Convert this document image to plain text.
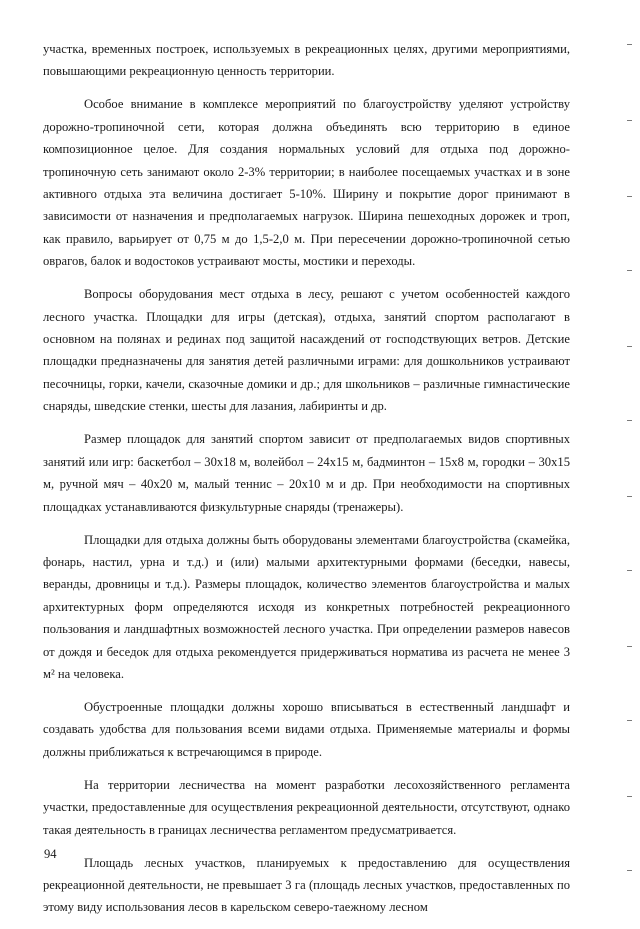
участка, временных построек, используемых в рекреационных целях, другими мероприятиями, повышающими рекреационную ценность территории.

Особое внимание в комплексе мероприятий по благоустройству уделяют устройству дорожно-тропиночной сети, которая должна объединять всю территорию в единое композиционное целое. Для создания нормальных условий для отдыха под дорожно-тропиночную сеть занимают около 2-3% территории; в наиболее посещаемых участках и в зоне активного отдыха эта величина достигает 5-10%. Ширину и покрытие дорог принимают в зависимости от назначения и предполагаемых нагрузок. Ширина пешеходных дорожек и троп, как правило, варьирует от 0,75 м до 1,5-2,0 м. При пересечении дорожно-тропиночной сетью оврагов, балок и водостоков устраивают мосты, мостики и переходы.

Вопросы оборудования мест отдыха в лесу, решают с учетом особенностей каждого лесного участка. Площадки для игры (детская), отдыха, занятий спортом располагают в основном на полянах и рединах под защитой насаждений от господствующих ветров. Детские площадки предназначены для занятия детей различными играми: для дошкольников устраивают песочницы, горки, качели, сказочные домики и др.; для школьников – различные гимнастические снаряды, шведские стенки, шесты для лазания, лабиринты и др.

Размер площадок для занятий спортом зависит от предполагаемых видов спортивных занятий или игр: баскетбол – 30х18 м, волейбол – 24х15 м, бадминтон – 15х8 м, городки – 30х15 м, ручной мяч – 40х20 м, малый теннис – 20х10 м и др. При необходимости на спортивных площадках устанавливаются физкультурные снаряды (тренажеры).

Площадки для отдыха должны быть оборудованы элементами благоустройства (скамейка, фонарь, настил, урна и т.д.) и (или) малыми архитектурными формами (беседки, навесы, веранды, дровницы и т.д.). Размеры площадок, количество элементов благоустройства и малых архитектурных форм определяются исходя из конкретных потребностей рекреационного пользования и ландшафтных возможностей лесного участка. При определении размеров навесов от дождя и беседок для отдыха рекомендуется придерживаться норматива из расчета не менее 3 м² на человека.

Обустроенные площадки должны хорошо вписываться в естественный ландшафт и создавать удобства для пользования всеми видами отдыха. Применяемые материалы и формы должны приближаться к встречающимся в природе.

На территории лесничества на момент разработки лесохозяйственного регламента участки, предоставленные для осуществления рекреационной деятельности, отсутствуют, однако такая деятельность в границах лесничества регламентом предусматривается.

Площадь лесных участков, планируемых к предоставлению для осуществления рекреационной деятельности, не превышает 3 га (площадь лесных участков, предоставленных по этому виду использования лесов в карельском северо-таежному лесном

94
